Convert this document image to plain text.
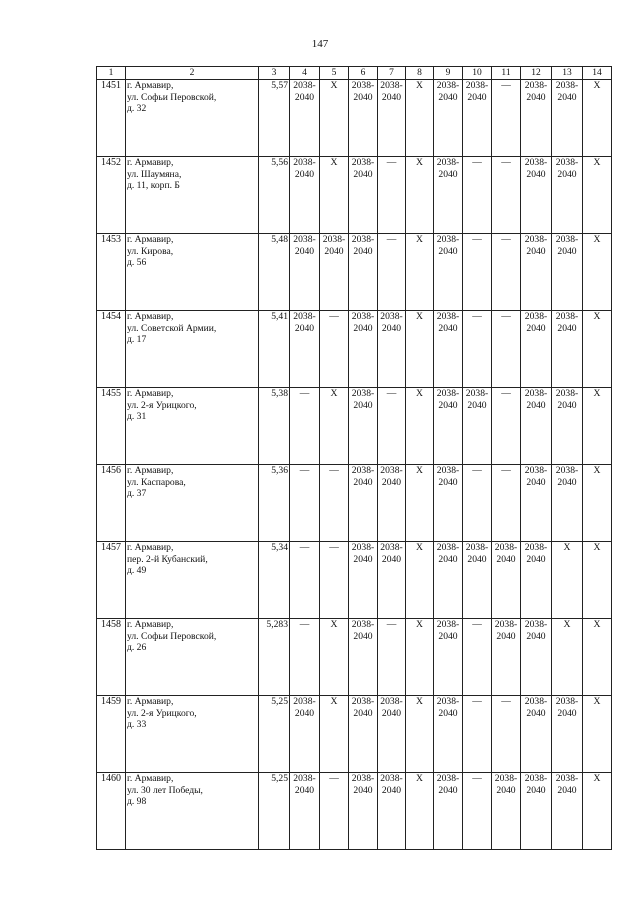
147
1	2	3	4	5	6	7	8	9	10	11	12	13	14
1451	г. Армавир,
ул. Софьи Перовской,
д. 32	5,57	2038-
2040	Х	2038-
2040	2038-
2040	Х	2038-
2040	2038-
2040	—	2038-
2040	2038-
2040	Х

1452	г. Армавир,
ул. Шаумяна,
д. 11, корп. Б	5,56	2038-
2040	Х	2038-
2040	—	Х	2038-
2040	—	—	2038-
2040	2038-
2040	Х

1453	г. Армавир,
ул. Кирова,
д. 56	5,48	2038-
2040	2038-
2040	2038-
2040	—	Х	2038-
2040	—	—	2038-
2040	2038-
2040	Х

1454	г. Армавир,
ул. Советской Армии,
д. 17	5,41	2038-
2040	—	2038-
2040	2038-
2040	Х	2038-
2040	—	—	2038-
2040	2038-
2040	Х

1455	г. Армавир,
ул. 2-я Урицкого,
д. 31	5,38	—	Х	2038-
2040	—	Х	2038-
2040	2038-
2040	—	2038-
2040	2038-
2040	Х

1456	г. Армавир,
ул. Каспарова,
д. 37	5,36	—	—	2038-
2040	2038-
2040	Х	2038-
2040	—	—	2038-
2040	2038-
2040	Х

1457	г. Армавир,
пер. 2-й Кубанский,
д. 49	5,34	—	—	2038-
2040	2038-
2040	Х	2038-
2040	2038-
2040	2038-
2040	2038-
2040	Х	Х

1458	г. Армавир,
ул. Софьи Перовской,
д. 26	5,283	—	Х	2038-
2040	—	Х	2038-
2040	—	2038-
2040	2038-
2040	Х	Х

1459	г. Армавир,
ул. 2-я Урицкого,
д. 33	5,25	2038-
2040	Х	2038-
2040	2038-
2040	Х	2038-
2040	—	—	2038-
2040	2038-
2040	Х

1460	г. Армавир,
ул. 30 лет Победы,
д. 98	5,25	2038-
2040	—	2038-
2040	2038-
2040	Х	2038-
2040	—	2038-
2040	2038-
2040	2038-
2040	Х
